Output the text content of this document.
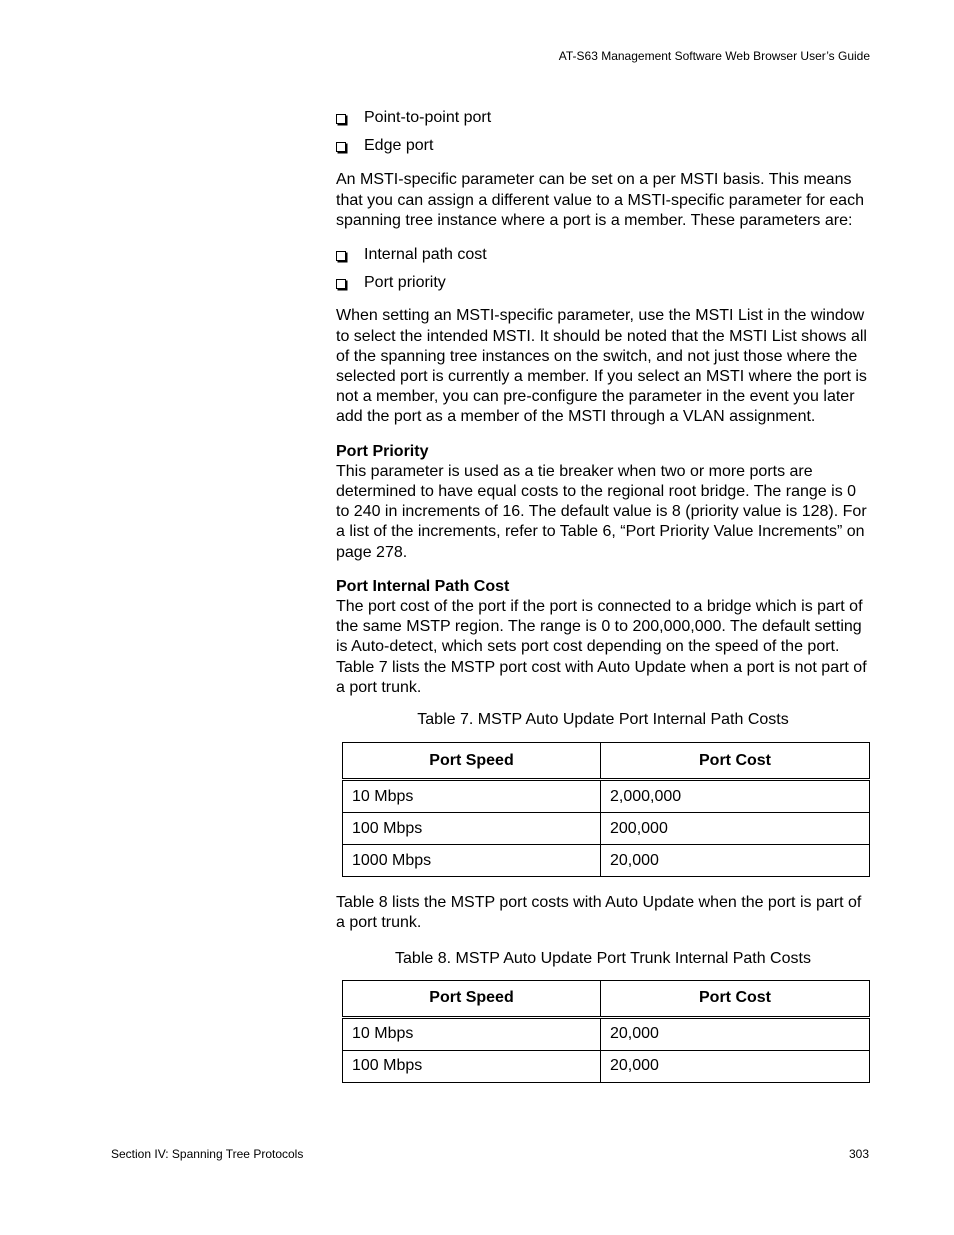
AT-S63 Management Software Web Browser User’s Guide
Point-to-point port
Edge port

An MSTI-specific parameter can be set on a per MSTI basis. This means that you can assign a different value to a MSTI-specific parameter for each spanning tree instance where a port is a member. These parameters are:

Internal path cost
Port priority

When setting an MSTI-specific parameter, use the MSTI List in the window to select the intended MSTI. It should be noted that the MSTI List shows all of the spanning tree instances on the switch, and not just those where the selected port is currently a member. If you select an MSTI where the port is not a member, you can pre-configure the parameter in the event you later add the port as a member of the MSTI through a VLAN assignment.

Port Priority

This parameter is used as a tie breaker when two or more ports are determined to have equal costs to the regional root bridge. The range is 0 to 240 in increments of 16. The default value is 8 (priority value is 128). For a list of the increments, refer to Table 6, “Port Priority Value Increments” on page 278.

Port Internal Path Cost

The port cost of the port if the port is connected to a bridge which is part of the same MSTP region. The range is 0 to 200,000,000. The default setting is Auto-detect, which sets port cost depending on the speed of the port. Table 7 lists the MSTP port cost with Auto Update when a port is not part of a port trunk.

Table 7. MSTP Auto Update Port Internal Path Costs

Port Speed	Port Cost
10 Mbps	2,000,000
100 Mbps	200,000
1000 Mbps	20,000

Table 8 lists the MSTP port costs with Auto Update when the port is part of a port trunk.

Table 8. MSTP Auto Update Port Trunk Internal Path Costs

Port Speed	Port Cost
10 Mbps	20,000
100 Mbps	20,000
Section IV: Spanning Tree Protocols	303
